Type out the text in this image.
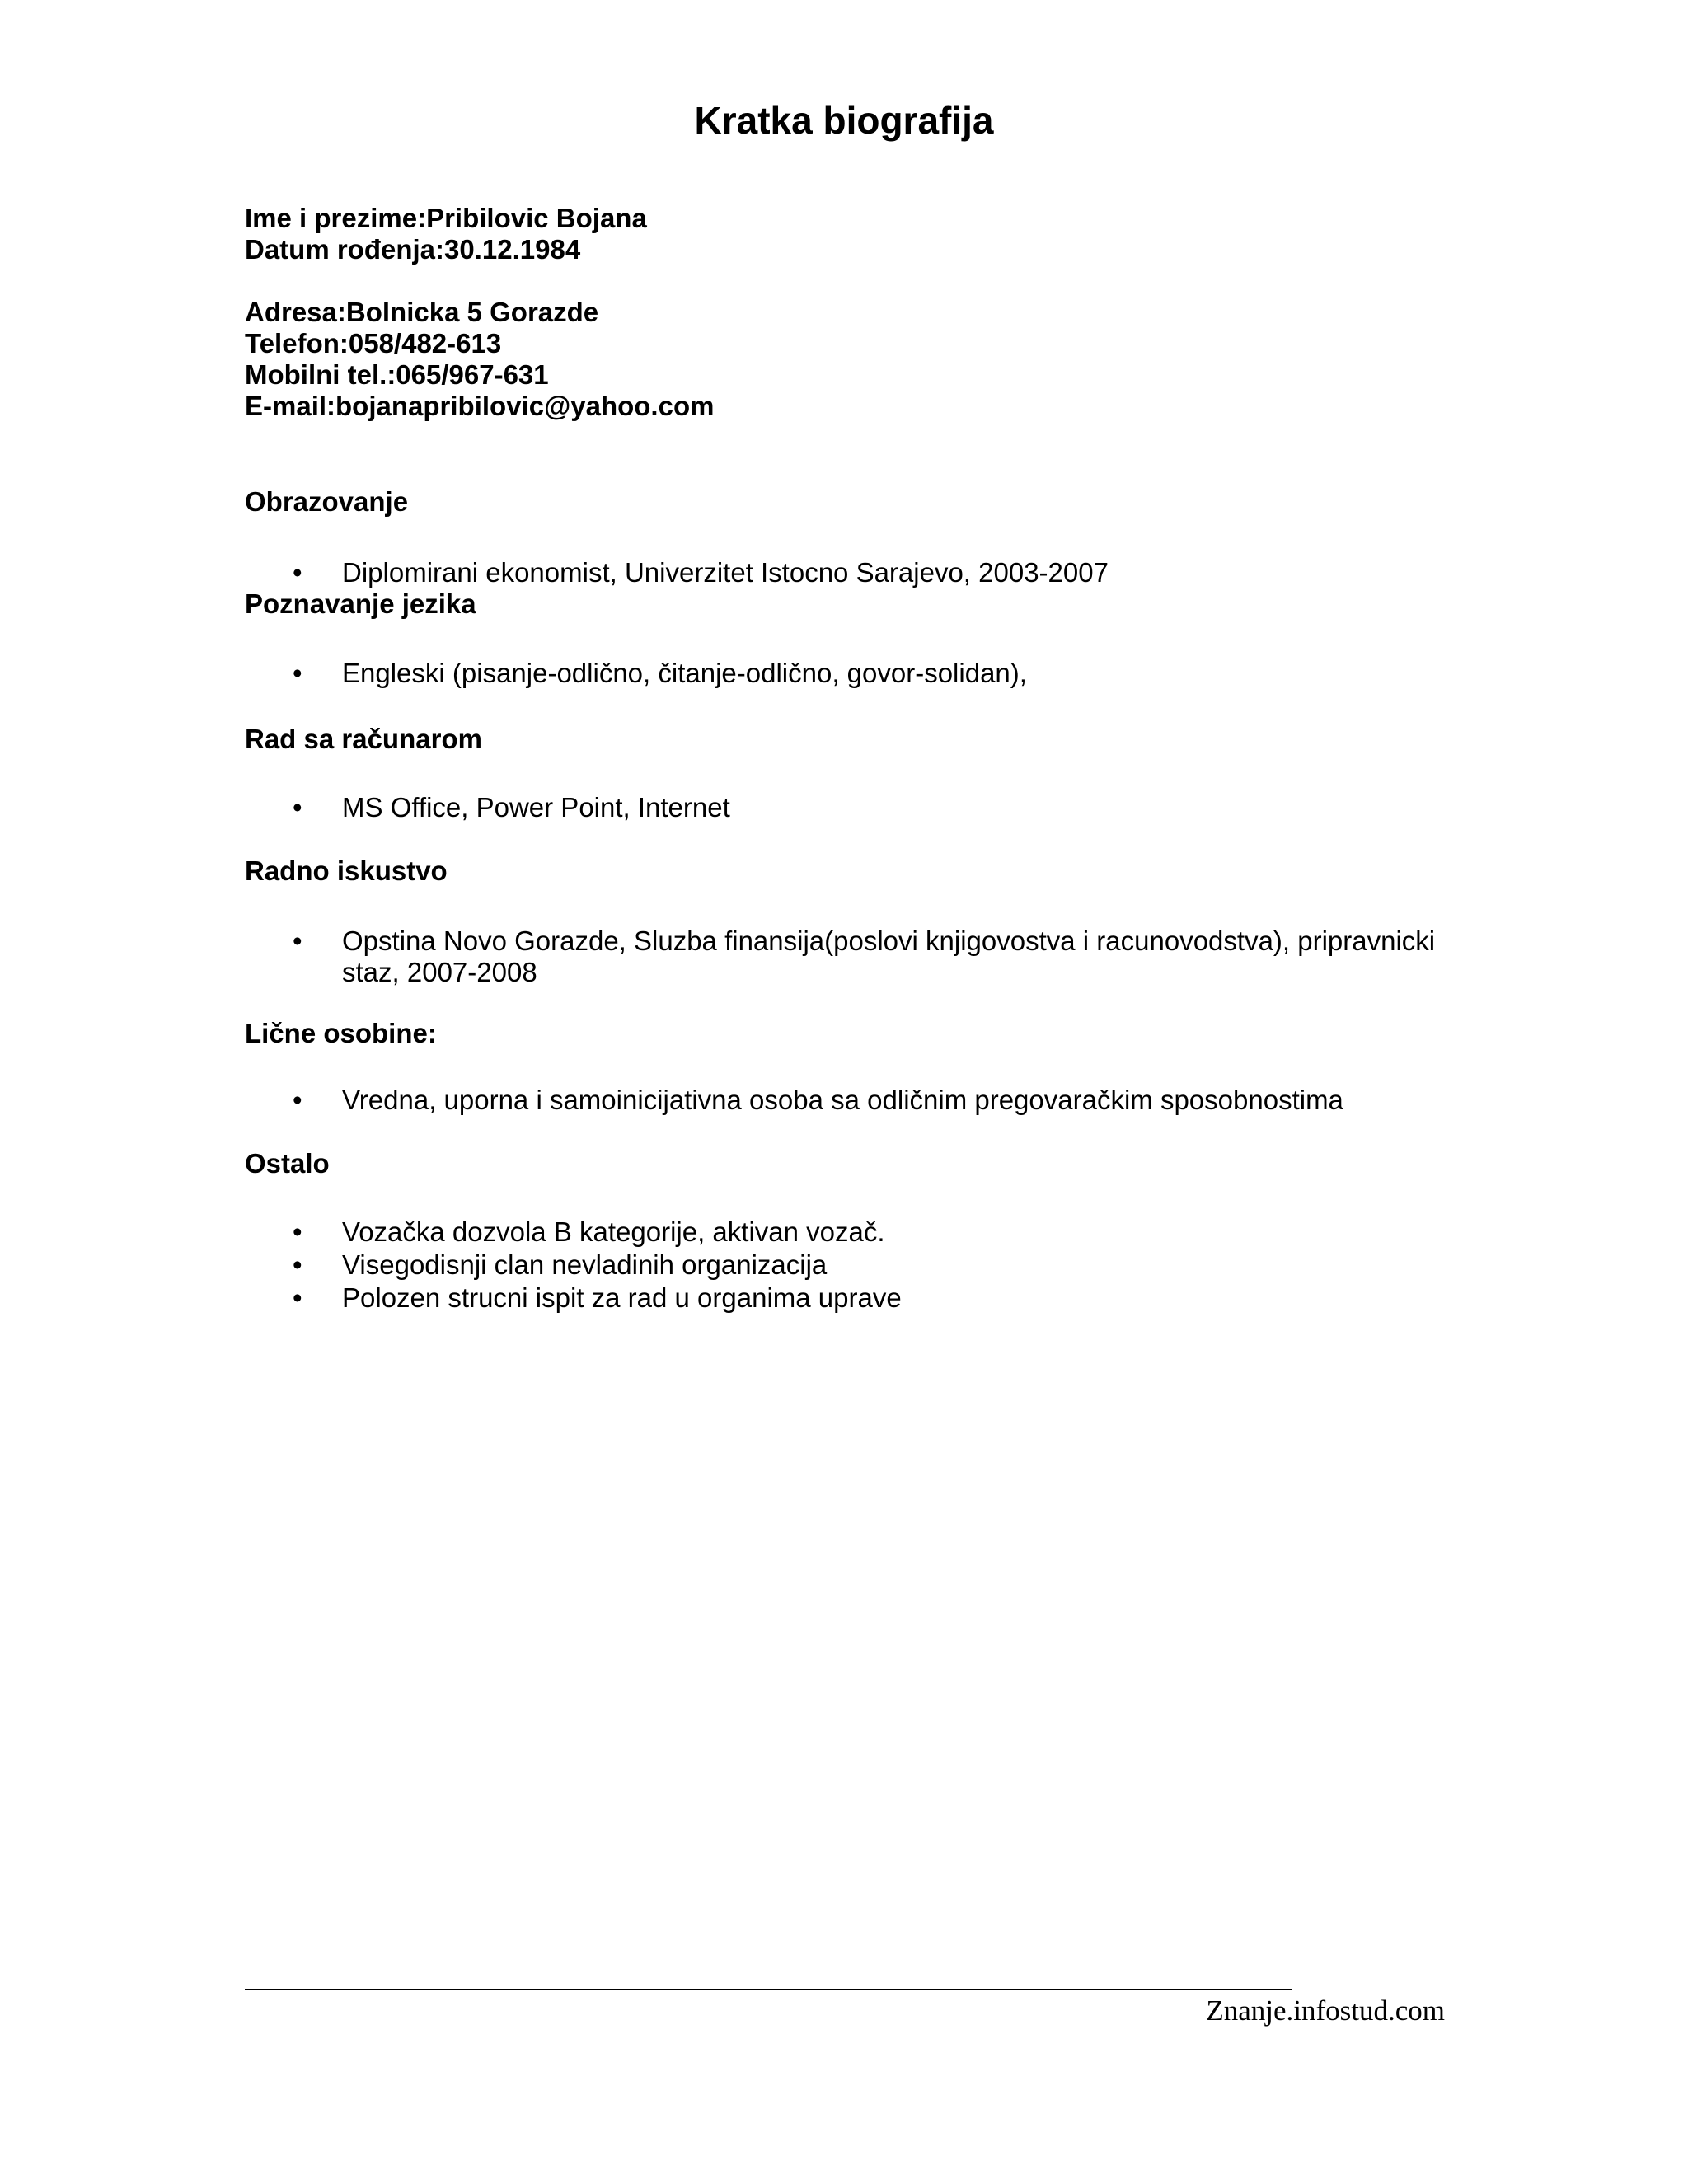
Kratka biografija
Ime i prezime:Pribilovic Bojana
Datum rođenja:30.12.1984
Adresa:Bolnicka 5 Gorazde
Telefon:058/482-613
Mobilni tel.:065/967-631
E-mail:bojanapribilovic@yahoo.com
Obrazovanje
•	Diplomirani ekonomist, Univerzitet Istocno Sarajevo, 2003-2007
Poznavanje jezika
•	Engleski (pisanje-odlično, čitanje-odlično, govor-solidan),
Rad sa računarom
•	MS Office, Power Point, Internet
Radno iskustvo
•	Opstina Novo Gorazde, Sluzba finansija(poslovi knjigovostva i racunovodstva), pripravnicki
staz, 2007-2008
Lične osobine:
•	Vredna, uporna i samoinicijativna osoba sa odličnim pregovaračkim sposobnostima
Ostalo
•	Vozačka dozvola B kategorije, aktivan vozač.
•	Visegodisnji clan nevladinih organizacija
•	Polozen strucni ispit za rad u organima uprave
Znanje.infostud.com
